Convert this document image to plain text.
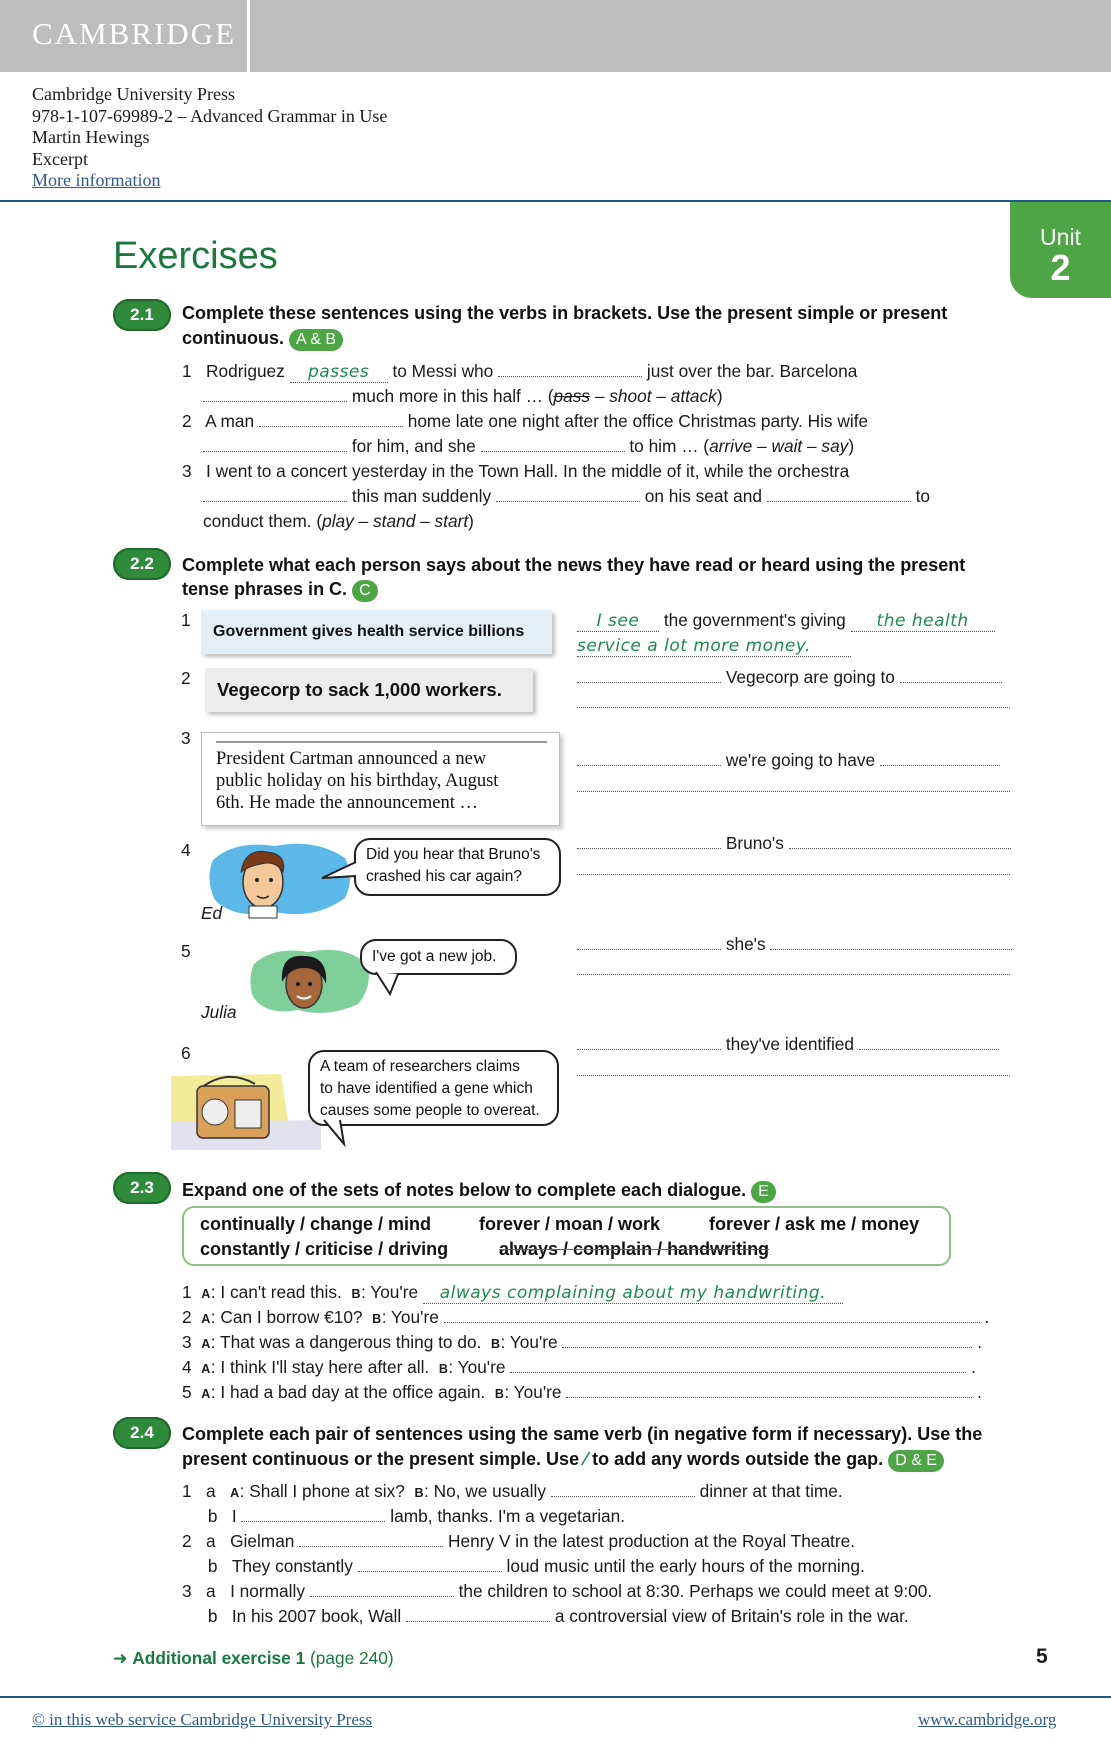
CAMBRIDGE
Cambridge University Press
978-1-107-69989-2 – Advanced Grammar in Use
Martin Hewings
Excerpt
More information
Unit
2
Exercises
2.1	Complete these sentences using the verbs in brackets. Use the present simple or present
continuous. A & B
1 Rodriguez passes to Messi who	just over the bar. Barcelona
much more in this half … (pass – shoot – attack)
2 A man	home late one night after the office Christmas party. His wife
for him, and she	to him … (arrive – wait – say)
3 I went to a concert yesterday in the Town Hall. In the middle of it, while the orchestra
this man suddenly	on his seat and	to
conduct them. (play – stand – start)
2.2	Complete what each person says about the news they have read or heard using the present
tense phrases in C. C
1
Government gives health service billions
I see the government's giving the health
service a lot more money.
2
Vegecorp to sack 1,000 workers.
Vegecorp are going to
3
President Cartman announced a new
public holiday on his birthday, August
6th. He made the announcement …
we're going to have
4	Did you hear that Bruno's
crashed his car again?
Ed
Bruno's
5	I've got a new job.
Julia
she's
6
A team of researchers claims
to have identified a gene which
causes some people to overeat.
they've identified
2.3	Expand one of the sets of notes below to complete each dialogue. E
continually / change / mind	forever / moan / work	forever / ask me / money
constantly / criticise / driving	always / complain / handwriting
1 A: I can't read this. B: You're always complaining about my handwriting.
2 A: Can I borrow €10? B: You're	.
3 A: That was a dangerous thing to do. B: You're	.
4 A: I think I'll stay here after all. B: You're	.
5 A: I had a bad day at the office again. B: You're	.
2.4	Complete each pair of sentences using the same verb (in negative form if necessary). Use the
present continuous or the present simple. Use ⁄ to add any words outside the gap. D & E
1 a A: Shall I phone at six? B: No, we usually	dinner at that time.
b I	lamb, thanks. I'm a vegetarian.
2 a Gielman	Henry V in the latest production at the Royal Theatre.
b They constantly	loud music until the early hours of the morning.
3 a I normally	the children to school at 8:30. Perhaps we could meet at 9:00.
b In his 2007 book, Wall	a controversial view of Britain's role in the war.
➜ Additional exercise 1 (page 240)	5
© in this web service Cambridge University Press	www.cambridge.org
